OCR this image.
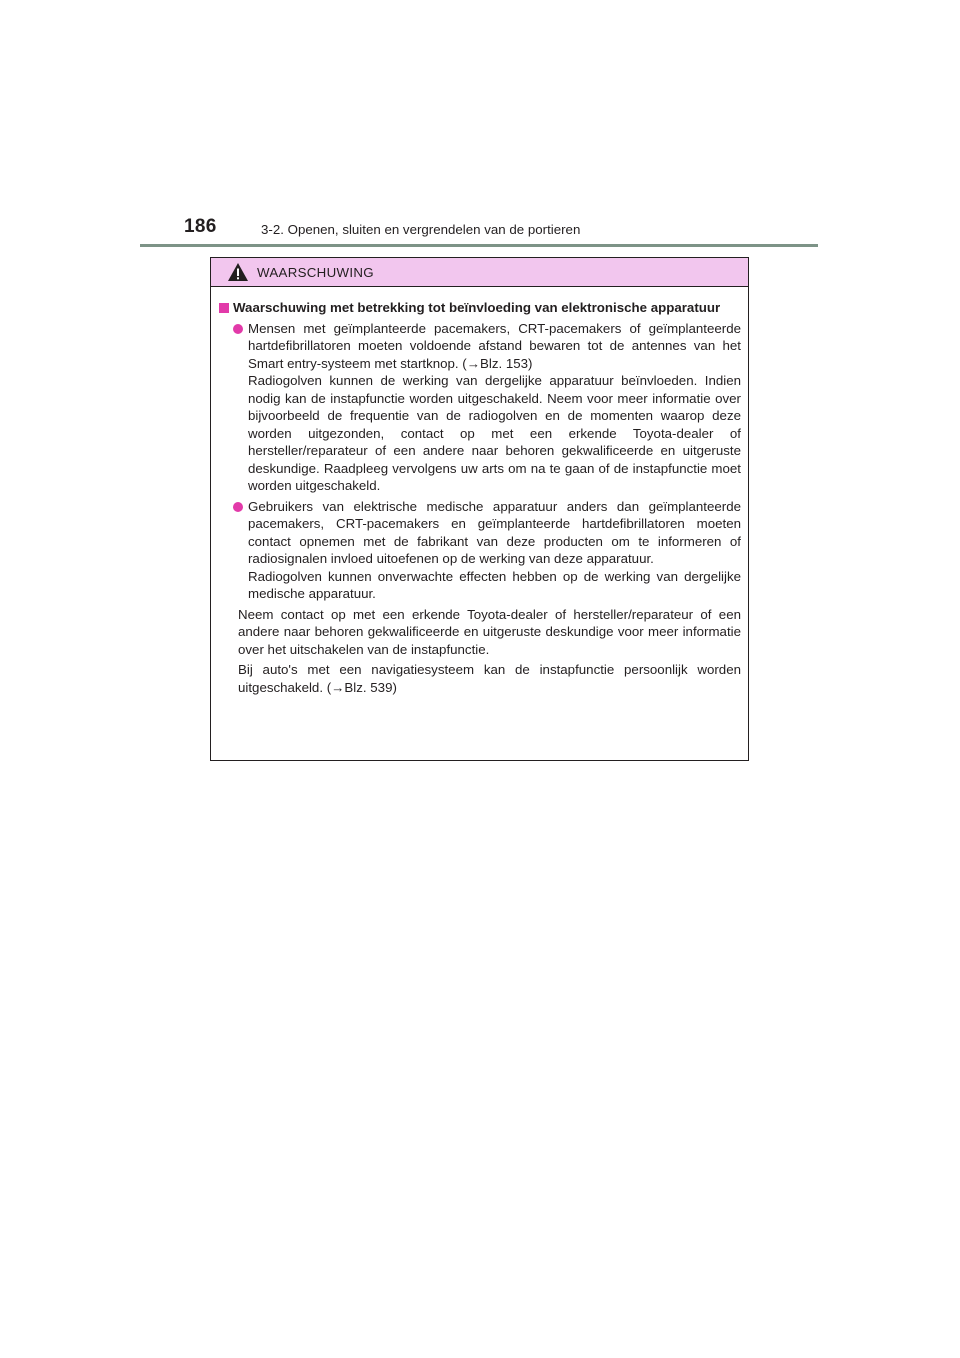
186	3-2. Openen, sluiten en vergrendelen van de portieren
WAARSCHUWING
Waarschuwing met betrekking tot beïnvloeding van elektronische apparatuur
Mensen met geïmplanteerde pacemakers, CRT-pacemakers of geïmplanteerde hartdefibrillatoren moeten voldoende afstand bewaren tot de antennes van het Smart entry-systeem met startknop. (→Blz. 153)
Radiogolven kunnen de werking van dergelijke apparatuur beïnvloeden. Indien nodig kan de instapfunctie worden uitgeschakeld. Neem voor meer informatie over bijvoorbeeld de frequentie van de radiogolven en de momenten waarop deze worden uitgezonden, contact op met een erkende Toyota-dealer of hersteller/reparateur of een andere naar behoren gekwalificeerde en uitgeruste deskundige. Raadpleeg vervolgens uw arts om na te gaan of de instapfunctie moet worden uitgeschakeld.
Gebruikers van elektrische medische apparatuur anders dan geïmplanteerde pacemakers, CRT-pacemakers en geïmplanteerde hartdefibrillatoren moeten contact opnemen met de fabrikant van deze producten om te informeren of radiosignalen invloed uitoefenen op de werking van deze apparatuur.
Radiogolven kunnen onverwachte effecten hebben op de werking van dergelijke medische apparatuur.
Neem contact op met een erkende Toyota-dealer of hersteller/reparateur of een andere naar behoren gekwalificeerde en uitgeruste deskundige voor meer informatie over het uitschakelen van de instapfunctie.
Bij auto's met een navigatiesysteem kan de instapfunctie persoonlijk worden uitgeschakeld. (→Blz. 539)
